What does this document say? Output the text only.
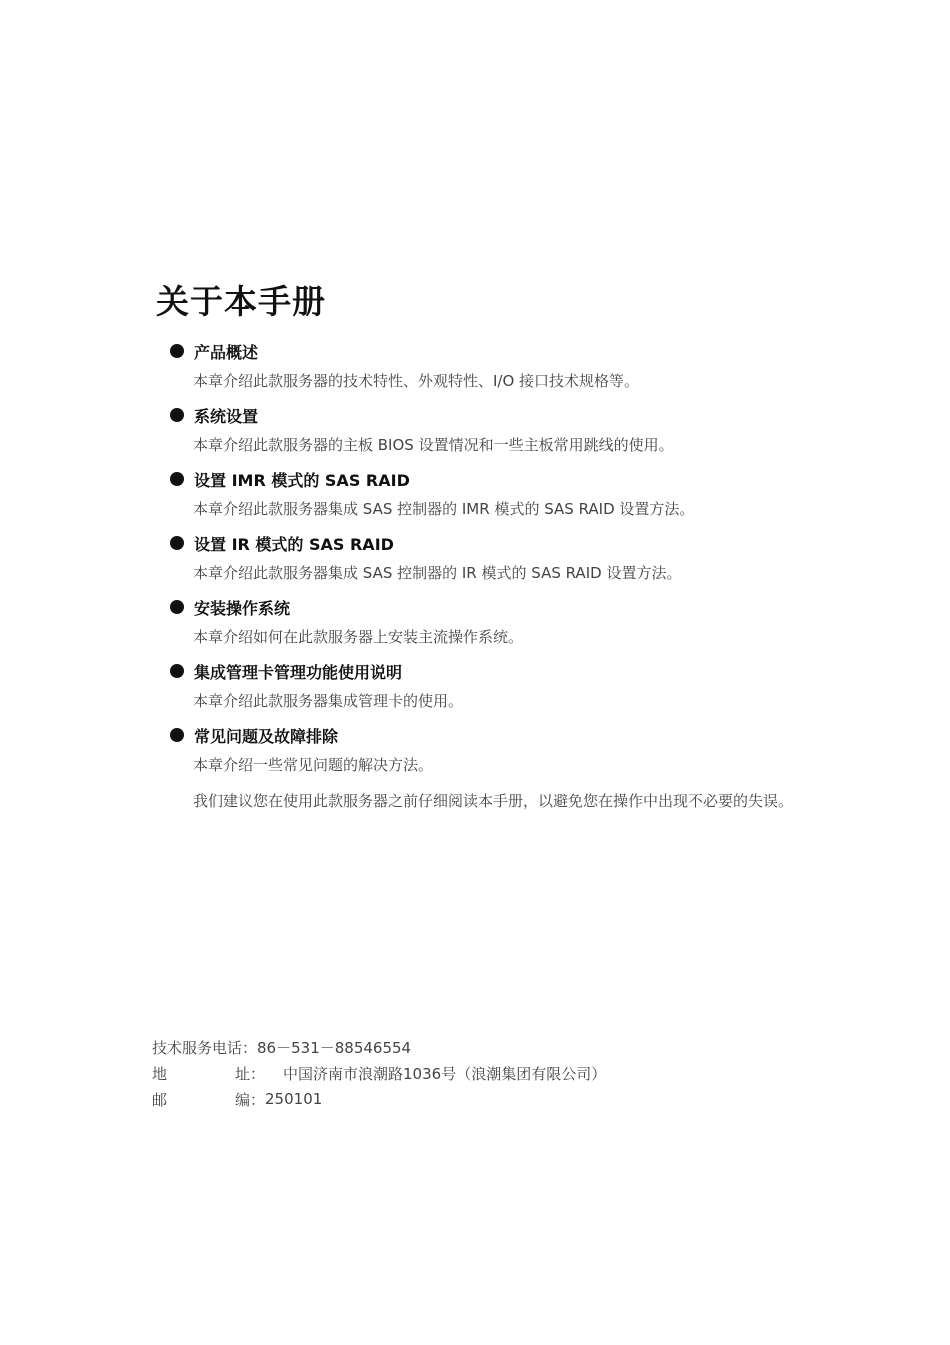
关于本手册
产品概述
本章介绍此款服务器的技术特性、外观特性、I/O 接口技术规格等。
系统设置
本章介绍此款服务器的主板 BIOS 设置情况和一些主板常用跳线的使用。
设置 IMR 模式的 SAS RAID
本章介绍此款服务器集成 SAS 控制器的 IMR 模式的 SAS RAID 设置方法。
设置 IR 模式的 SAS RAID
本章介绍此款服务器集成 SAS 控制器的 IR 模式的 SAS RAID 设置方法。
安装操作系统
本章介绍如何在此款服务器上安装主流操作系统。
集成管理卡管理功能使用说明
本章介绍此款服务器集成管理卡的使用。
常见问题及故障排除
本章介绍一些常见问题的解决方法。

我们建议您在使用此款服务器之前仔细阅读本手册，以避免您在操作中出现不必要的失误。

技术服务电话： 86－531－88546554
地	址： 中国济南市浪潮路1036号（浪潮集团有限公司）
邮	编： 250101
